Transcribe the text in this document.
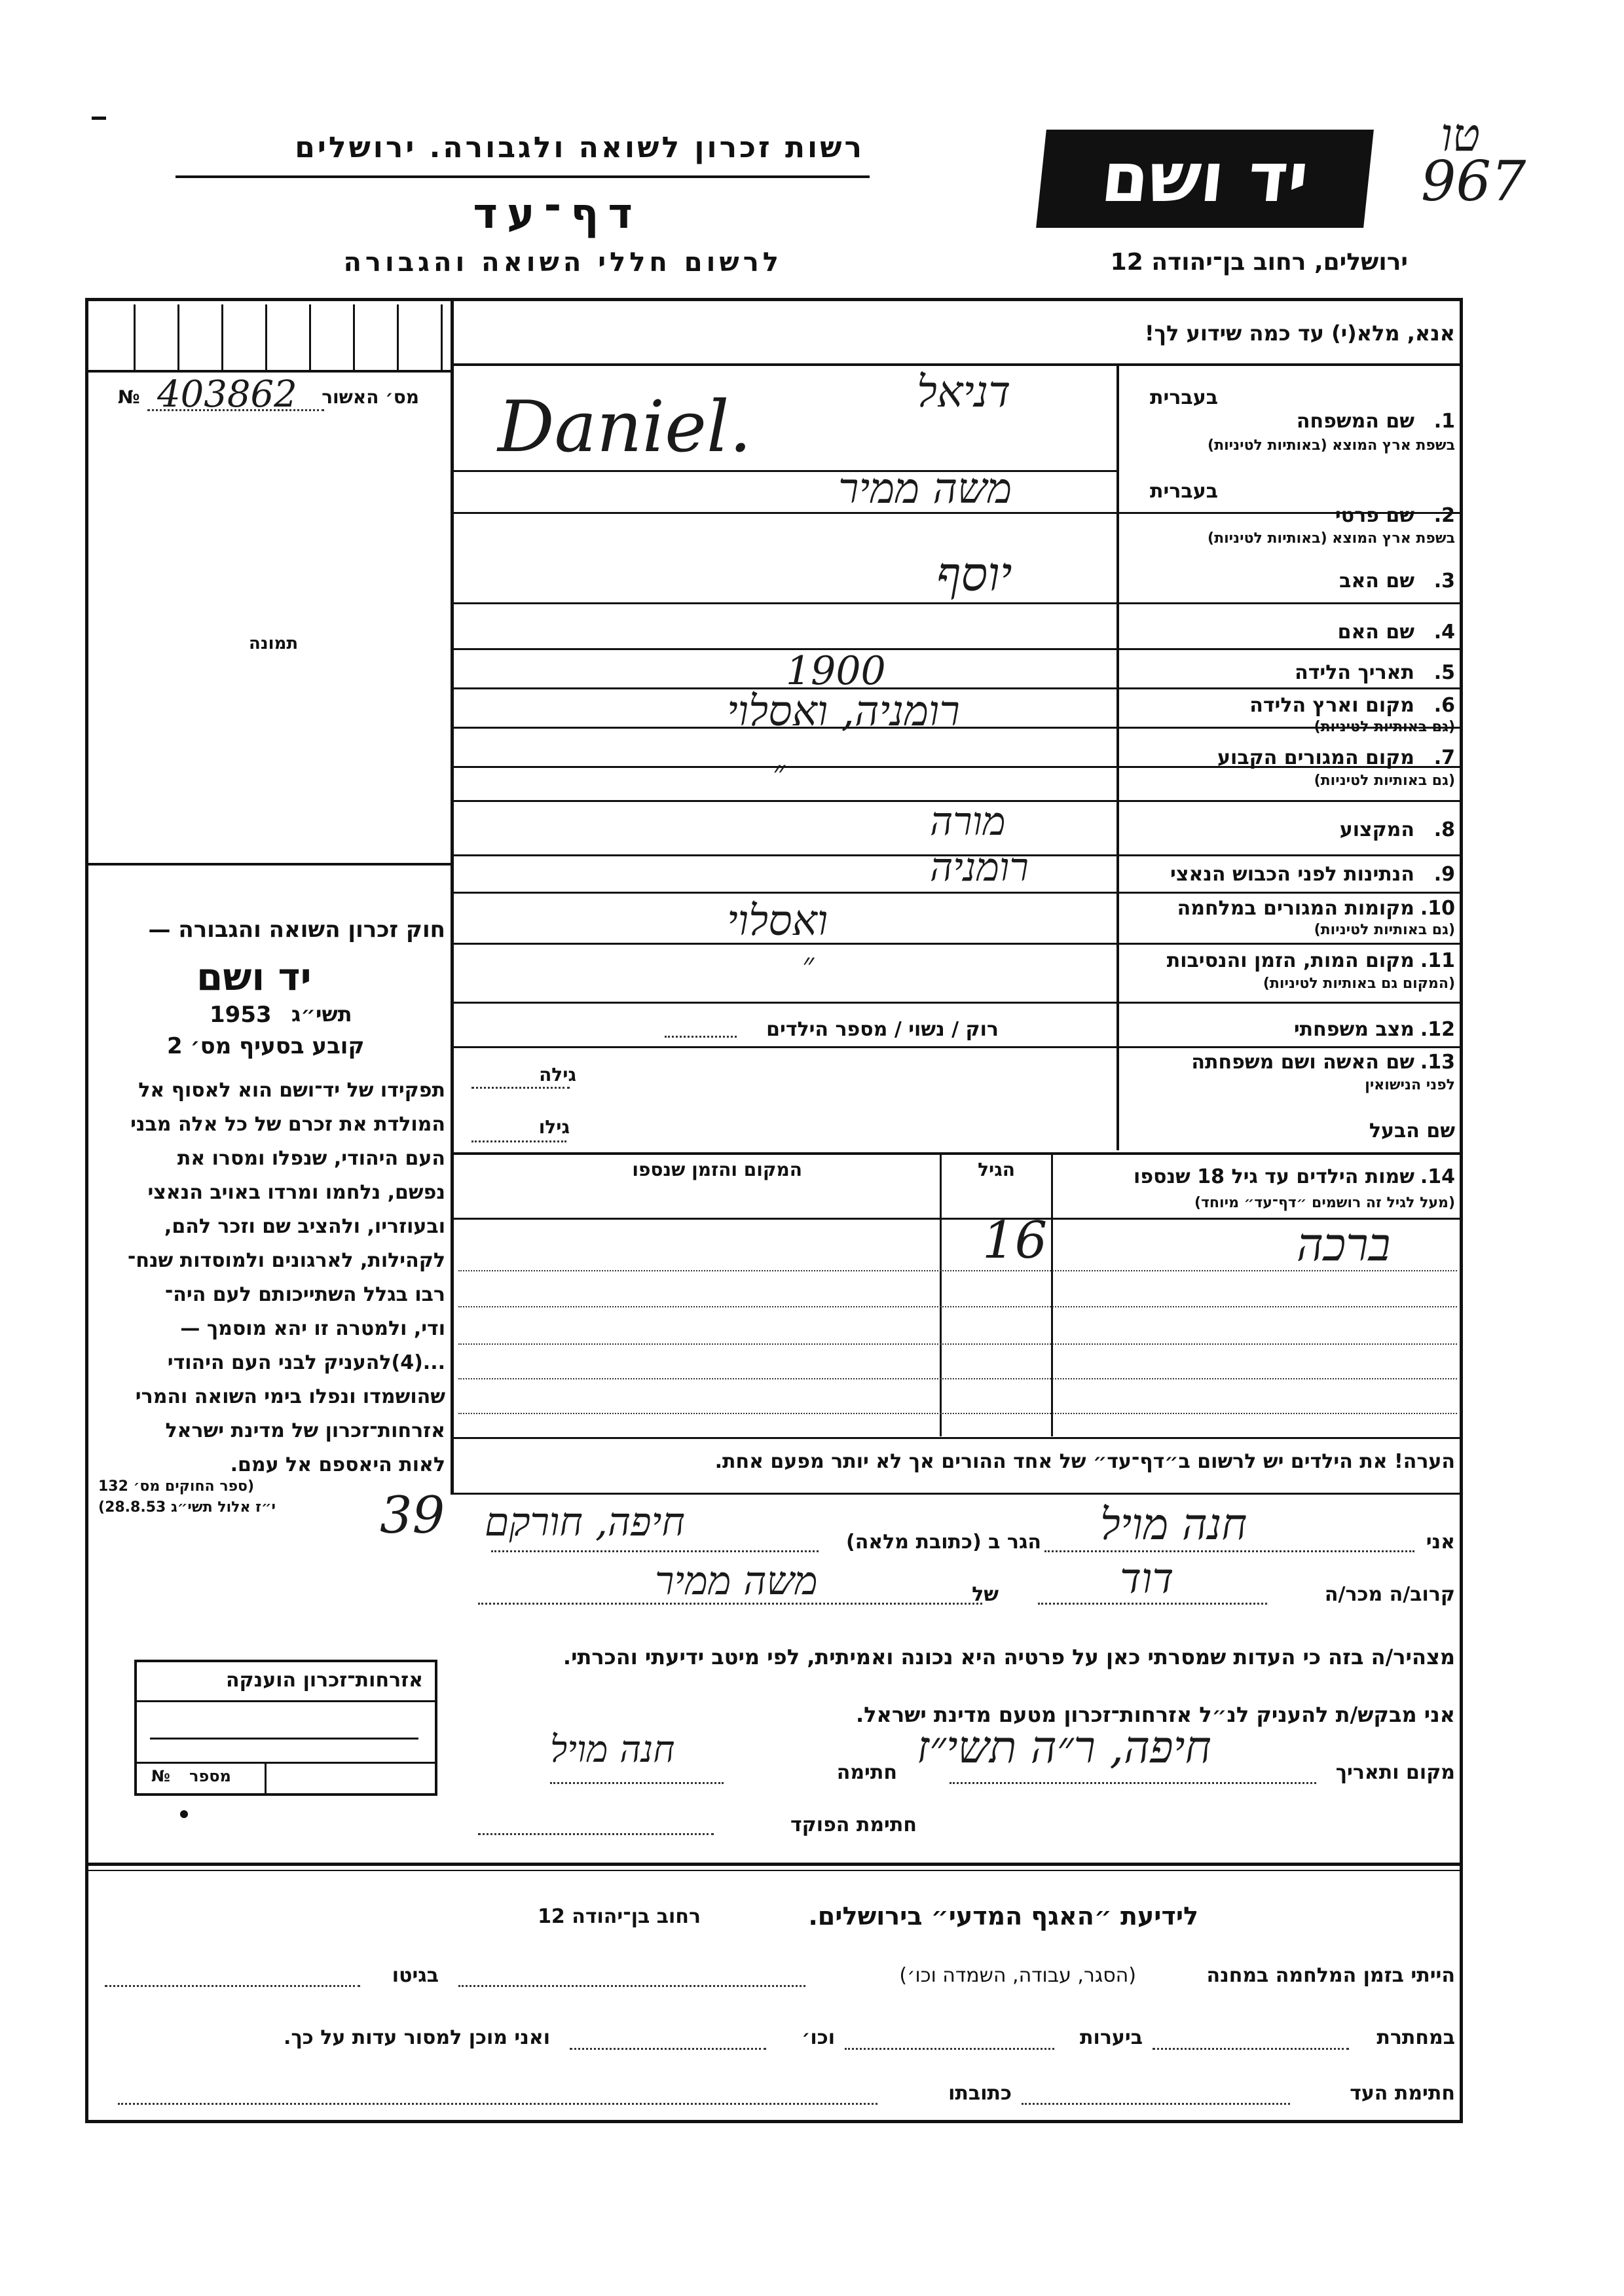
רשות זכרון לשואה ולגבורה. ירושלים
דף־עד
לרשום חללי השואה והגבורה
יד ושם
ירושלים, רחוב בן־יהודה 12
טו
967
מס׳ האשור
№ 403862
תמונה
חוק זכרון השואה והגבורה —
יד ושם
1953 תשי״ג
קובע בסעיף מס׳ 2
תפקידו של יד־ושם הוא לאסוף אל
המולדת את זכרם של כל אלה מבני
העם היהודי, שנפלו ומסרו את
נפשם, נלחמו ומרדו באויב הנאצי
ובעוזריו, ולהציב שם וזכר להם,
לקהילות, לארגונים ולמוסדות שנח־
רבו בגלל השתייכותם לעם היה־
ודי, ולמטרה זו יהא מוסמך —
...(4)להעניק לבני העם היהודי
שהושמדו ונפלו בימי השואה והמרי
אזרחות־זכרון של מדינת ישראל
לאות היאספם אל עמם.
(ספר החוקים מס׳ 132
י״ז אלול תשי״ג 28.8.53)
אנא, מלא(י) עד כמה שידוע לך!
בעברית
1.
שם המשפחה
בשפת ארץ המוצא (באותיות לטיניות)
דניאל
Daniel.
בעברית
2.
שם פרטי
בשפת ארץ המוצא (באותיות לטיניות)
משה ממיר
3.
שם האב
יוסף
4.
שם האם
5.
תאריך הלידה
1900
6.
מקום וארץ הלידה
(גם באותיות לטיניות)
רומניה, ואסלוי
7.
מקום המגורים הקבוע
(גם באותיות לטיניות)
״
8.
המקצוע
מורה
9.
הנתינות לפני הכבוש הנאצי
רומניה
10.
מקומות המגורים במלחמה
(גם באותיות לטיניות)
ואסלוי
11.
מקום המות, הזמן והנסיבות
(המקום גם באותיות לטיניות)
״
12.
מצב משפחתי
רוק / נשוי / מספר הילדים
13.
שם האשה ושם משפחתה
לפני הנישואין
גילה
שם הבעל
גילו
14.
שמות הילדים עד גיל 18 שנספו
(מעל לגיל זה רושמים ״דף־עד״ מיוחד)
הגיל
המקום והזמן שנספו
ברכה
16
הערה! את הילדים יש לרשום ב״דף־עד״ של אחד ההורים אך לא יותר מפעם אחת.
39	אני
חנה מויל
הגר ב (כתובת מלאה)
חיפה, חורקם
קרוב/ה מכר/ה
דוד
של
משה ממיר
מצהיר/ה בזה כי העדות שמסרתי כאן על פרטיה היא נכונה ואמיתית, לפי מיטב ידיעתי והכרתי.
אני מבקש/ת להעניק לנ״ל אזרחות־זכרון מטעם מדינת ישראל.
מקום ותאריך
חיפה, ר״ה תשי״ז
חתימה
חנה מויל
חתימת הפוקד
אזרחות־זכרון הוענקה
№ מספר
לידיעת ״האגף המדעי״ בירושלים.
רחוב בן־יהודה 12
הייתי בזמן המלחמה במחנה
(הסגר, עבודה, השמדה וכו׳)
בגיטו
במחתרת
ביערות
וכו׳
ואני מוכן למסור עדות על כך.
חתימת העד
כתובתו
